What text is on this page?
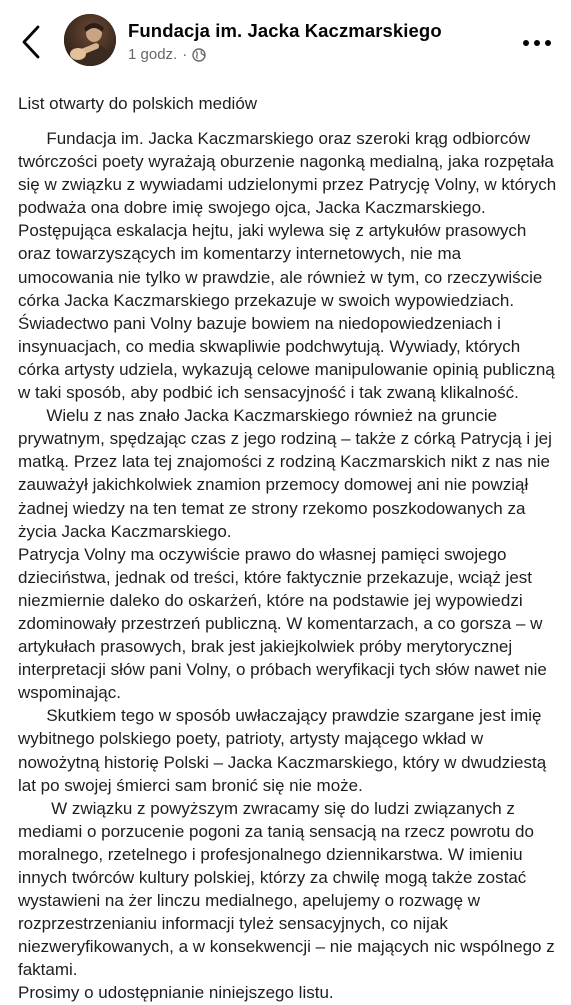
Fundacja im. Jacka Kaczmarskiego
1 godz. ·
List otwarty do polskich mediów

Fundacja im. Jacka Kaczmarskiego oraz szeroki krąg odbiorców twórczości poety wyrażają oburzenie nagonką medialną, jaka rozpętała się w związku z wywiadami udzielonymi przez Patrycję Volny, w których podważa ona dobre imię swojego ojca, Jacka Kaczmarskiego. Postępująca eskalacja hejtu, jaki wylewa się z artykułów prasowych oraz towarzyszących im komentarzy internetowych, nie ma umocowania nie tylko w prawdzie, ale również w tym, co rzeczywiście córka Jacka Kaczmarskiego przekazuje w swoich wypowiedziach.

Świadectwo pani Volny bazuje bowiem na niedopowiedzeniach i insynuacjach, co media skwapliwie podchwytują. Wywiady, których córka artysty udziela, wykazują celowe manipulowanie opinią publiczną w taki sposób, aby podbić ich sensacyjność i tak zwaną klikalność.

Wielu z nas znało Jacka Kaczmarskiego również na gruncie prywatnym, spędzając czas z jego rodziną – także z córką Patrycją i jej matką. Przez lata tej znajomości z rodziną Kaczmarskich nikt z nas nie zauważył jakichkolwiek znamion przemocy domowej ani nie powziął żadnej wiedzy na ten temat ze strony rzekomo poszkodowanych za życia Jacka Kaczmarskiego.

Patrycja Volny ma oczywiście prawo do własnej pamięci swojego dzieciństwa, jednak od treści, które faktycznie przekazuje, wciąż jest niezmiernie daleko do oskarżeń, które na podstawie jej wypowiedzi zdominowały przestrzeń publiczną. W komentarzach, a co gorsza – w artykułach prasowych, brak jest jakiejkolwiek próby merytorycznej interpretacji słów pani Volny, o próbach weryfikacji tych słów nawet nie wspominając.

Skutkiem tego w sposób uwłaczający prawdzie szargane jest imię wybitnego polskiego poety, patrioty, artysty mającego wkład w nowożytną historię Polski – Jacka Kaczmarskiego, który w dwudziestą lat po swojej śmierci sam bronić się nie może.

W związku z powyższym zwracamy się do ludzi związanych z mediami o porzucenie pogoni za tanią sensacją na rzecz powrotu do moralnego, rzetelnego i profesjonalnego dziennikarstwa. W imieniu innych twórców kultury polskiej, którzy za chwilę mogą także zostać wystawieni na żer linczu medialnego, apelujemy o rozwagę w rozprzestrzenianiu informacji tyleż sensacyjnych, co nijak niezweryfikowanych, a w konsekwencji – nie mających nic wspólnego z faktami.

Prosimy o udostępnianie niniejszego listu.
